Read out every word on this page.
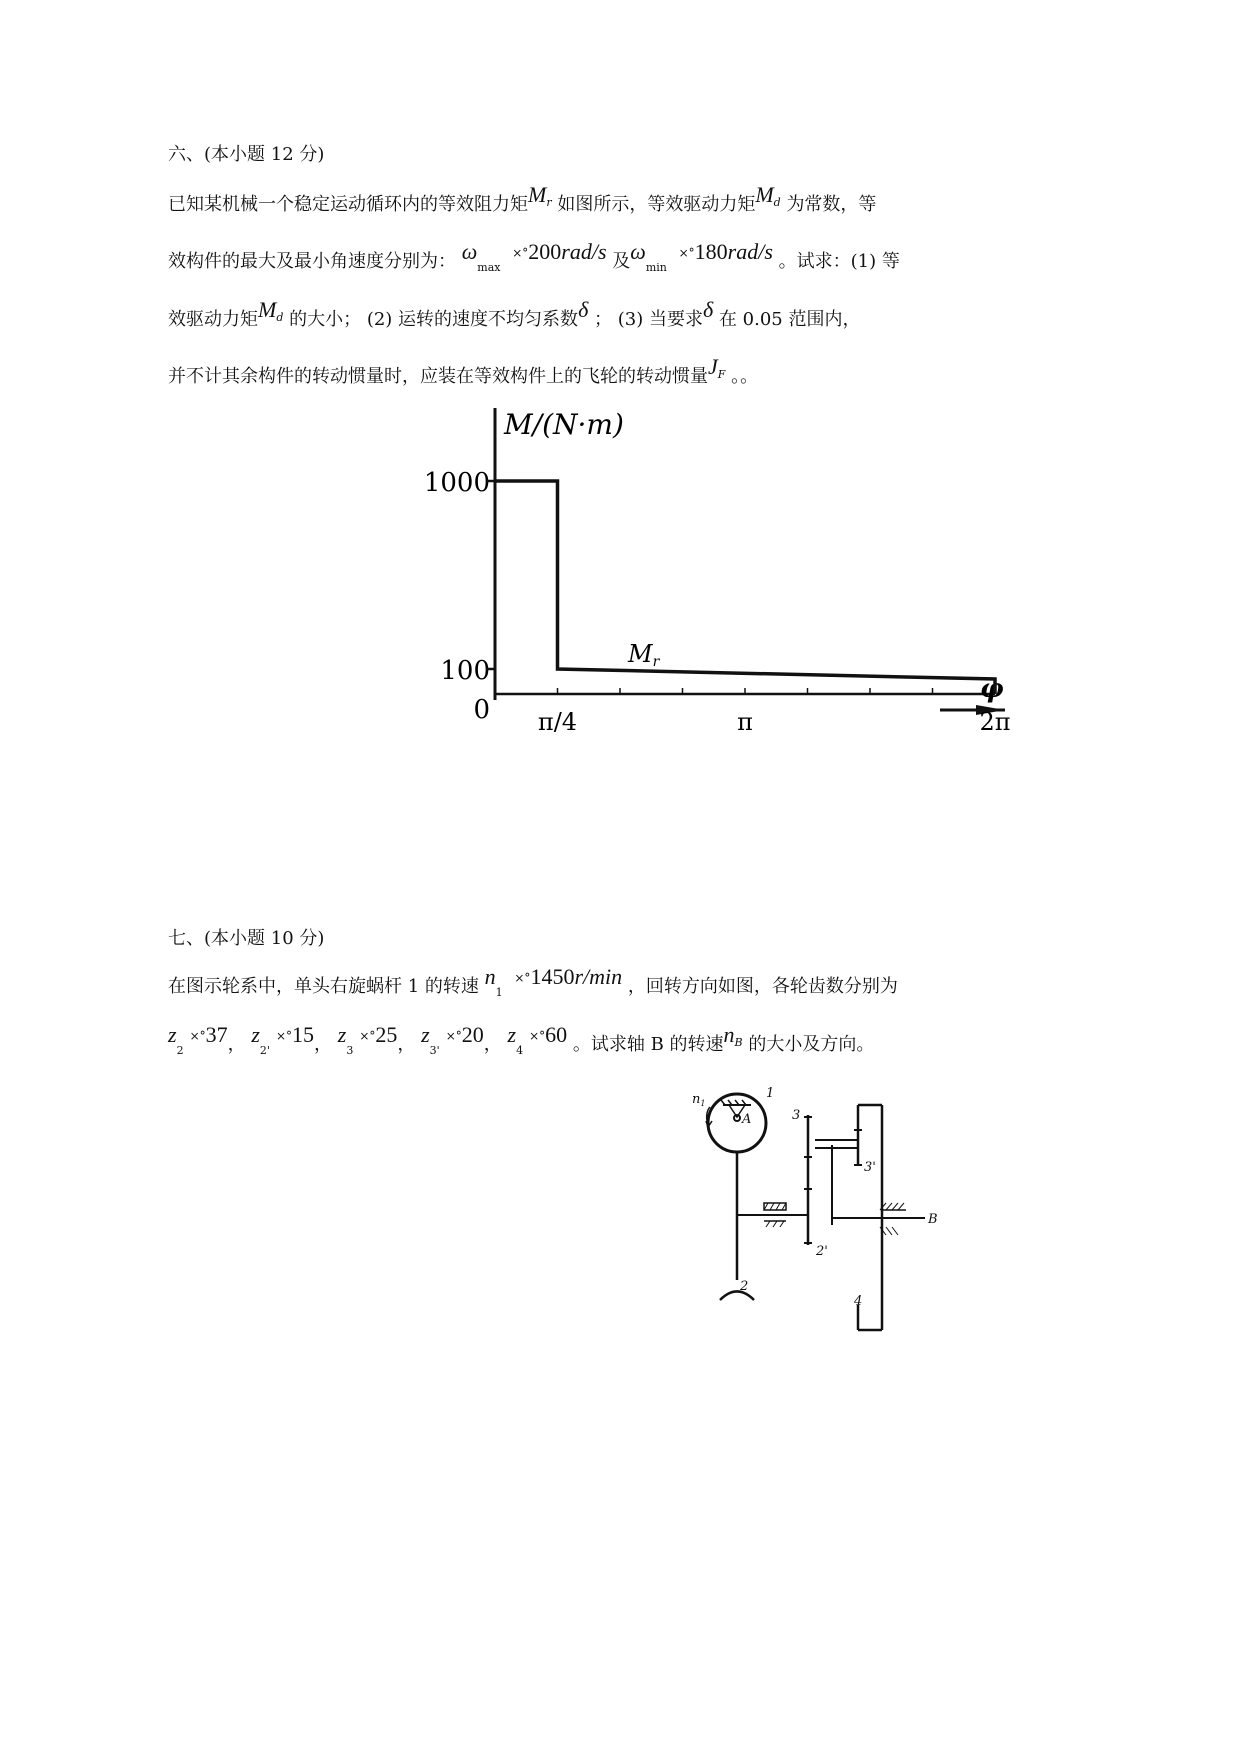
六、(本小题 12 分)
已知某机械一个稳定运动循环内的等效阻力矩$M^r$ 如图所示，等效驱动力矩$M^d$ 为常数，等
效构件的最大及最小角速度分别为： $\omega_{max}$ ×°200rad/s 及$\omega_{min}$ ×°180rad/s 。试求：(1) 等
效驱动力矩$M^d$ 的大小； (2) 运转的速度不均匀系数δ ； (3) 当要求δ 在 0.05 范围内，
并不计其余构件的转动惯量时，应装在等效构件上的飞轮的转动惯量$J^F$ 。。
M/(N·m)
φ
1000
100
0 π/4	π	2π
Mr
七、(本小题 10 分)
在图示轮系中，单头右旋蜗杆 1 的转速 $n_1$ ×°1450r/min ，回转方向如图，各轮齿数分别为
$z_2^{\times^\circ}37$， $z_{2'}^{\times^\circ}15$， $z_3^{\times^\circ}25$， $z_{3'}^{\times^\circ}20$， $z_4^{\times^\circ}60$ 。试求轴 B 的转速$n^B$ 的大小及方向。
$n_1$
A
1
2
2'
3
3'
4
B
